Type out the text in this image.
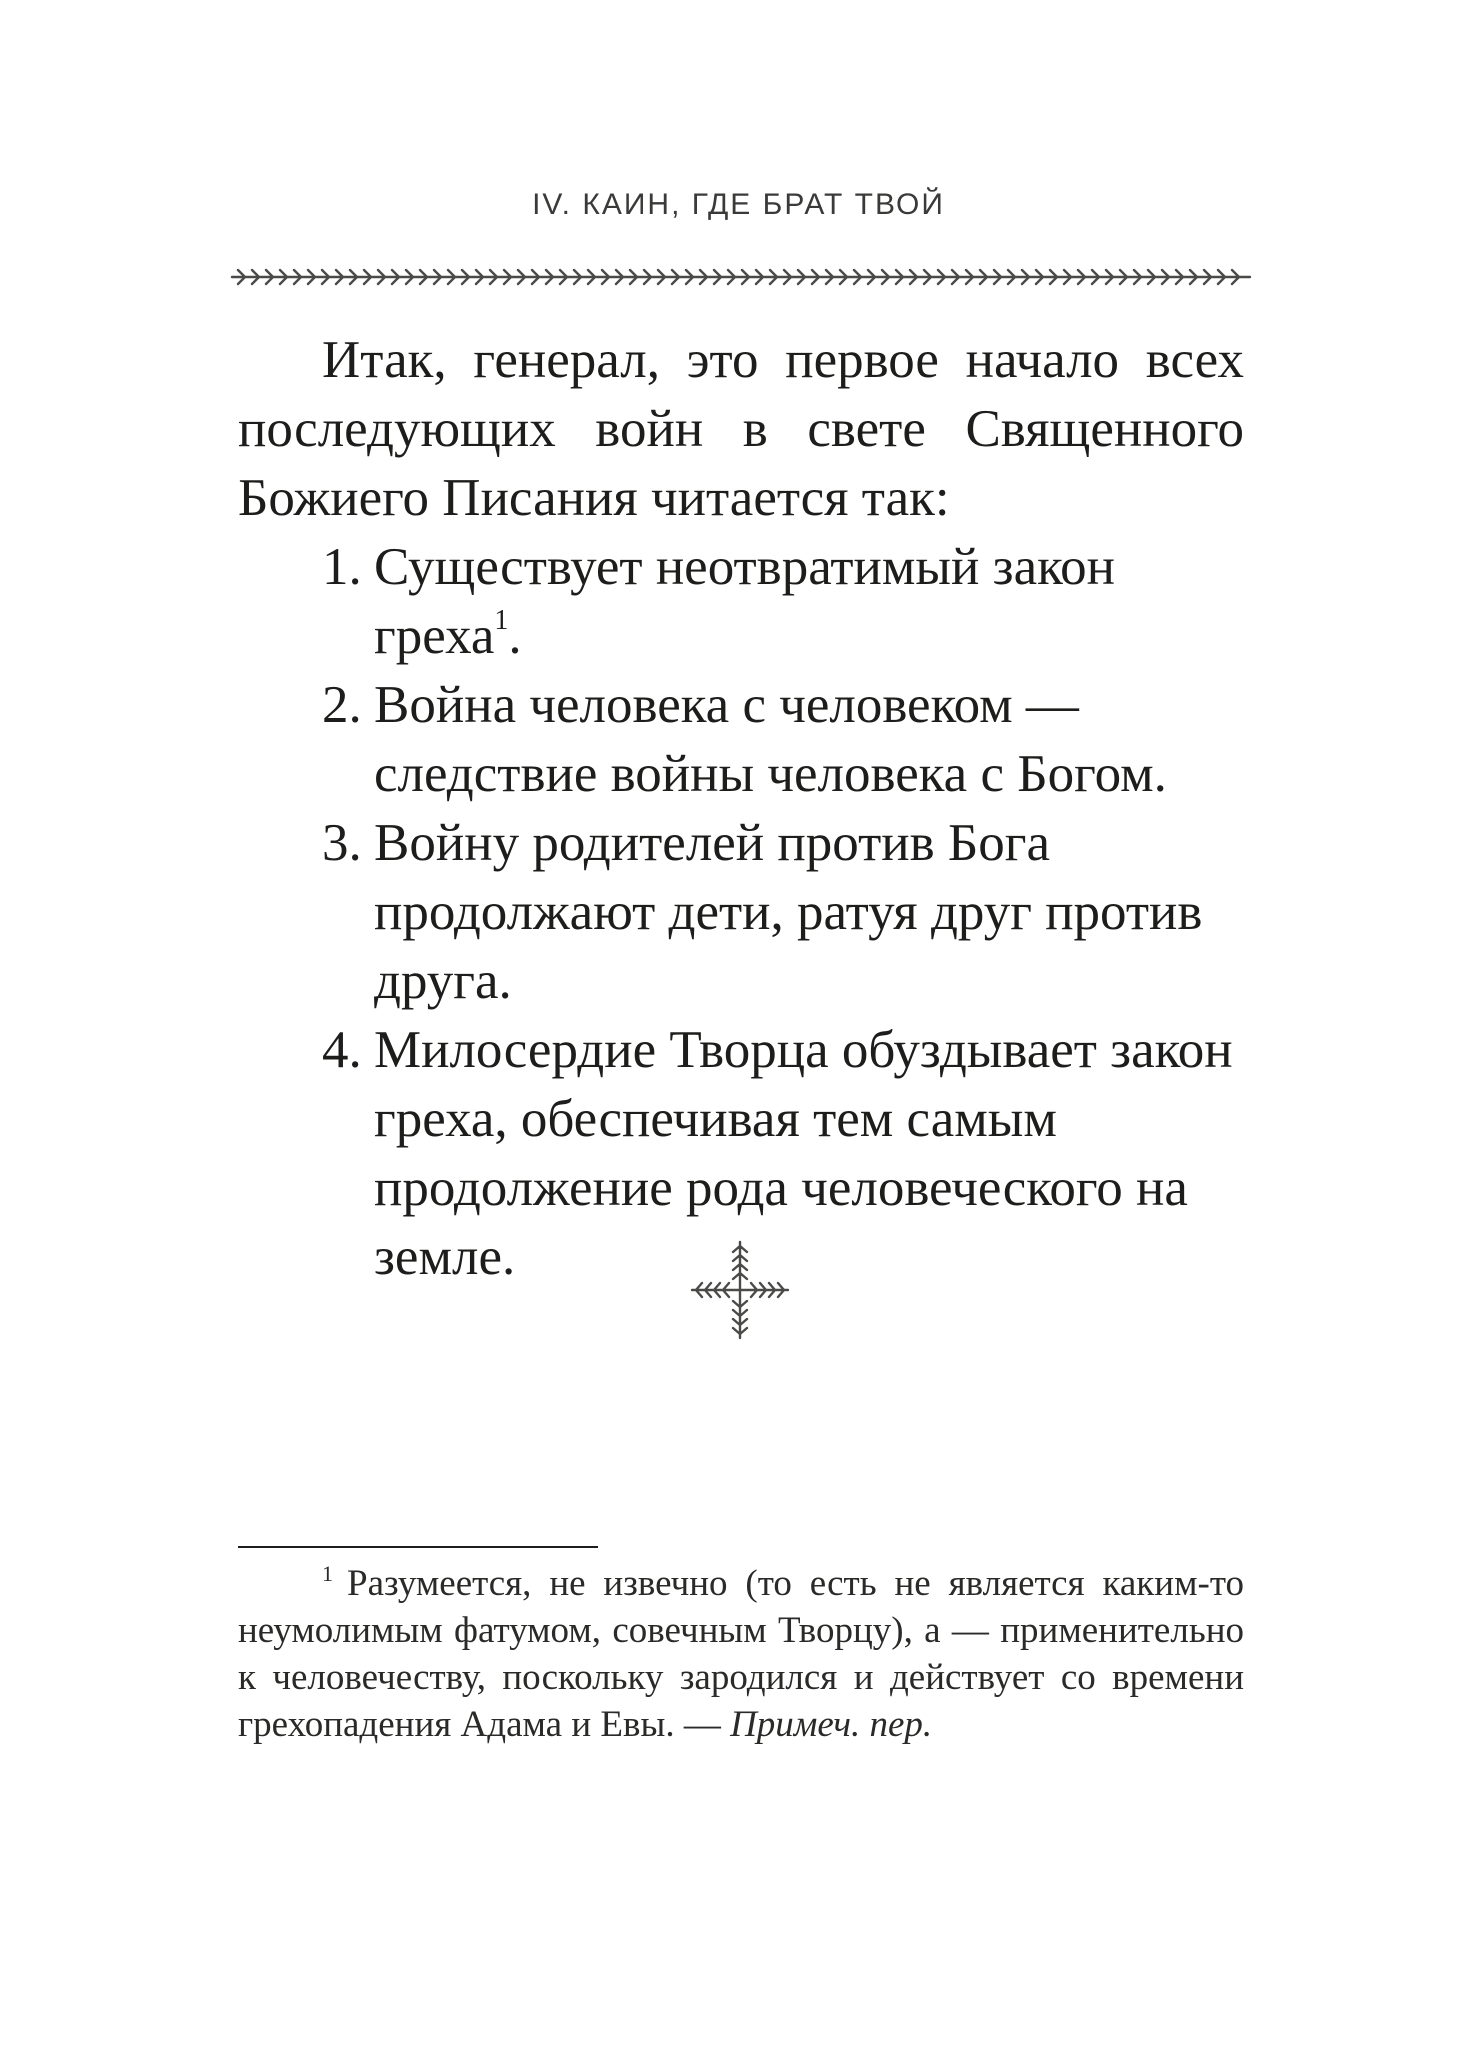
IV. КАИН, ГДЕ БРАТ ТВОЙ

Итак, генерал, это первое начало всех последующих войн в свете Священного Божиего Писания читается так:

1. Существует неотвратимый закон греха$^1$.
2. Война человека с человеком — следствие войны человека с Богом.
3. Войну родителей против Бога продолжают дети, ратуя друг против друга.
4. Милосердие Творца обуздывает закон греха, обеспечивая тем самым продолжение рода человеческого на земле.

$^1$ Разумеется, не извечно (то есть не является каким-то неумолимым фатумом, совечным Творцу), а — применительно к человечеству, поскольку зародился и действует со времени грехопадения Адама и Евы. — Примеч. пер.
